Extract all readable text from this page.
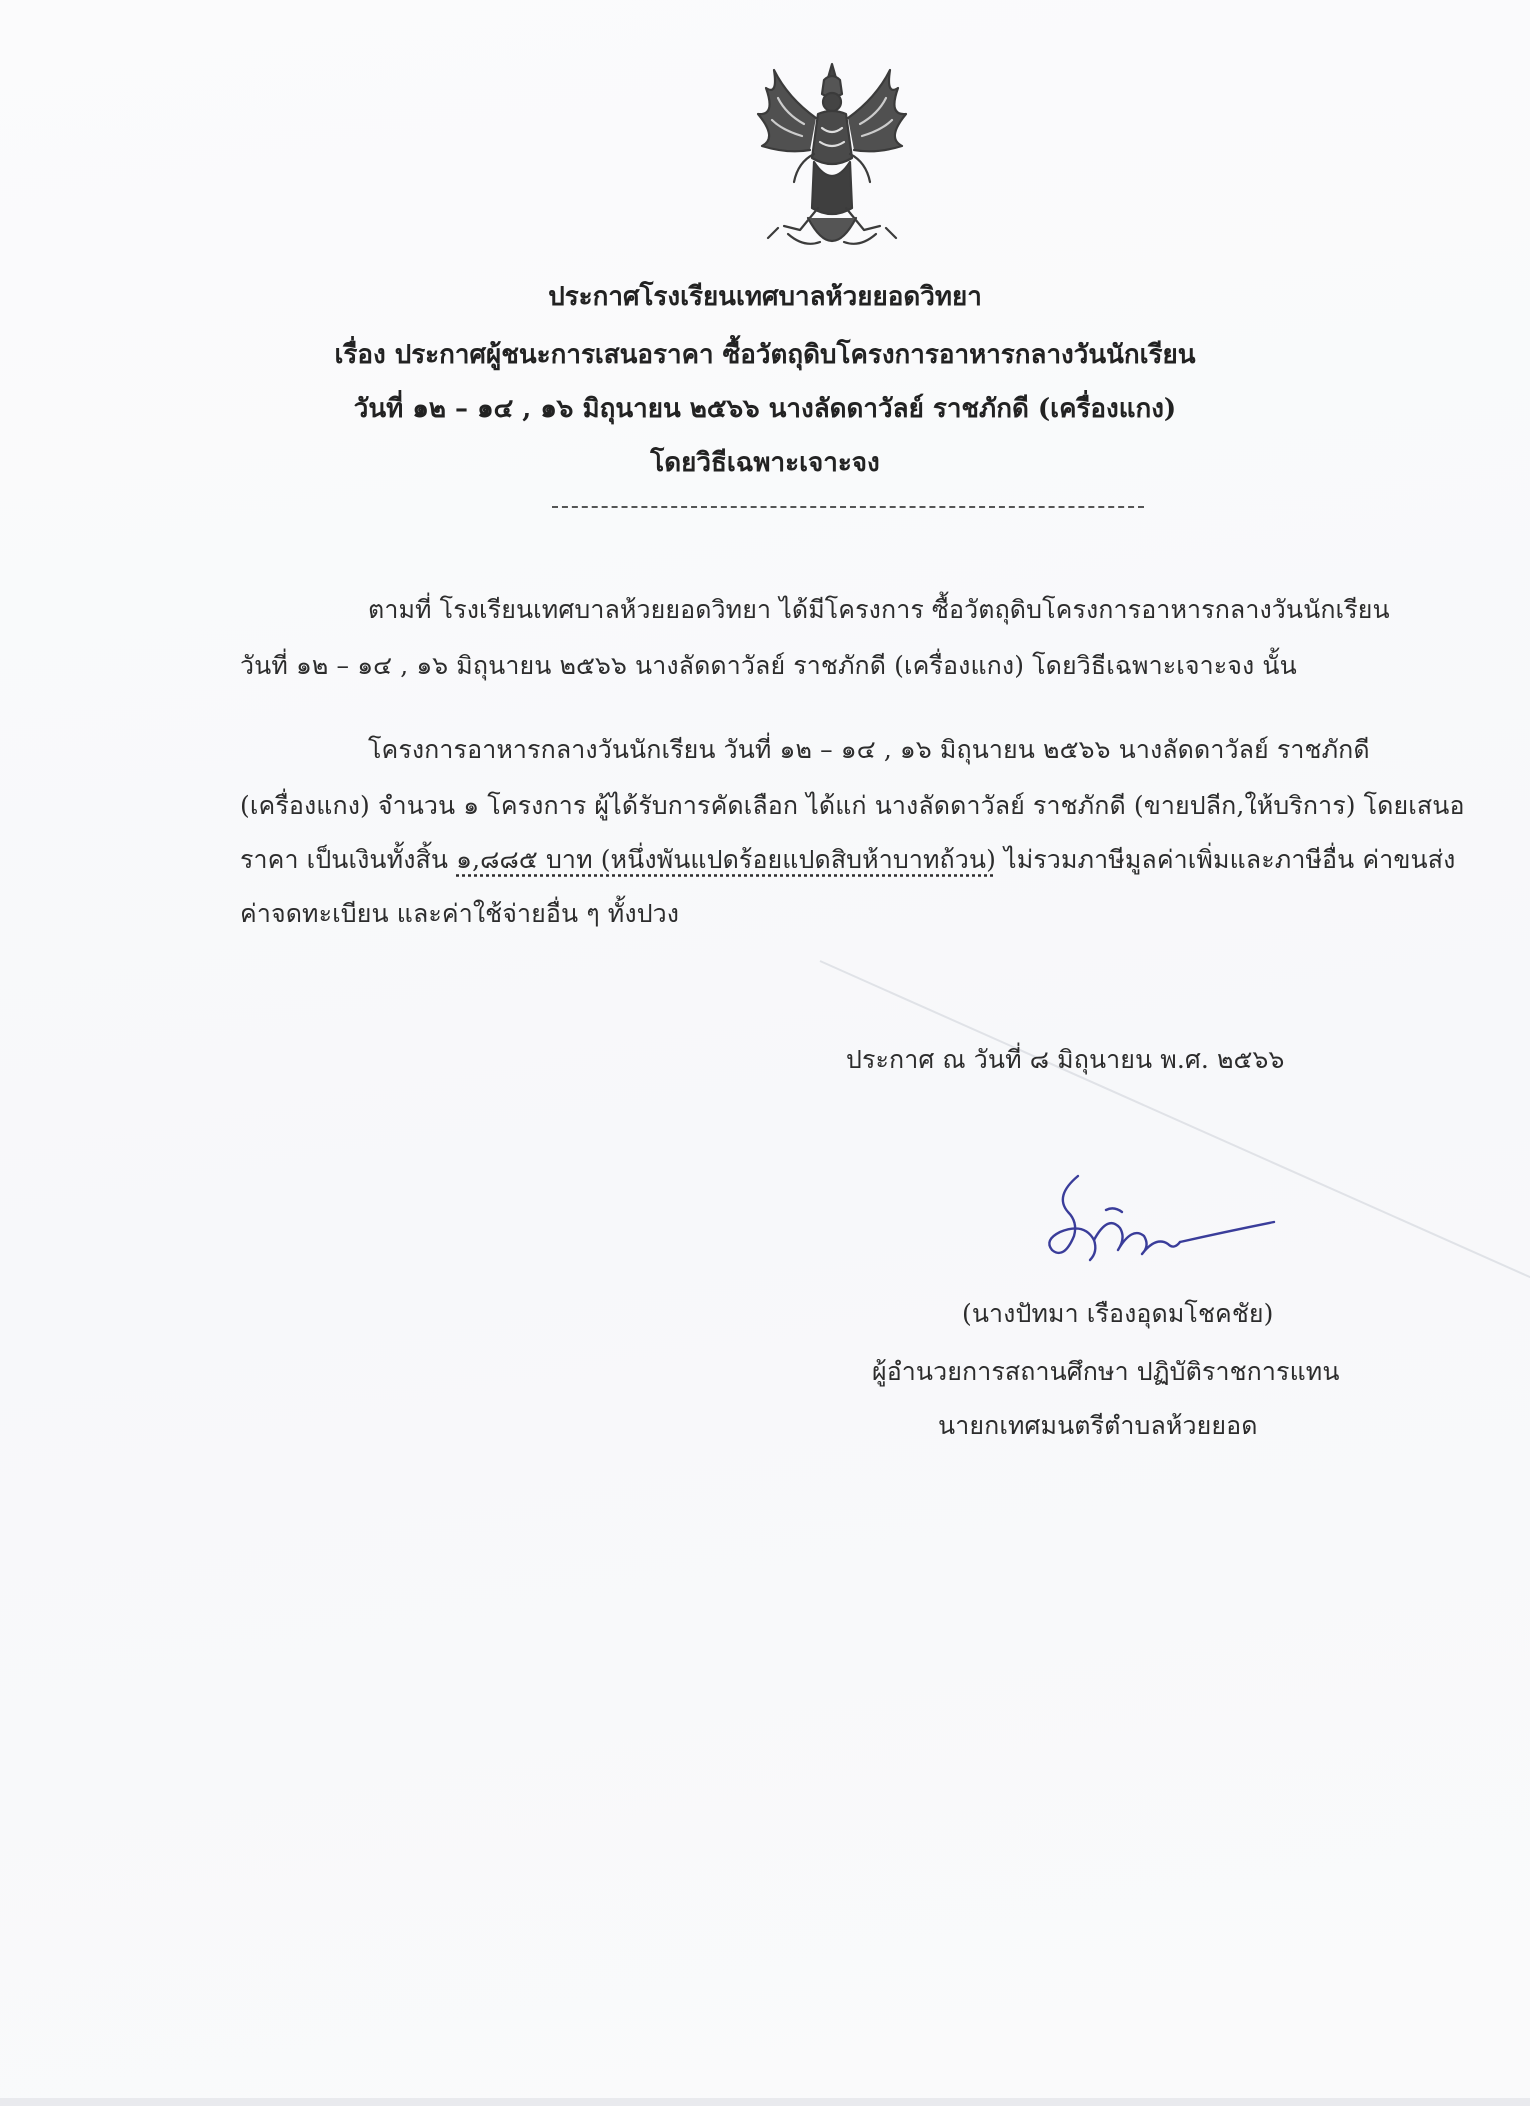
ประกาศโรงเรียนเทศบาลห้วยยอดวิทยา
เรื่อง ประกาศผู้ชนะการเสนอราคา ซื้อวัตถุดิบโครงการอาหารกลางวันนักเรียน
วันที่ ๑๒ – ๑๔ , ๑๖ มิถุนายน ๒๕๖๖ นางลัดดาวัลย์ ราชภักดี (เครื่องแกง)
โดยวิธีเฉพาะเจาะจง
ตามที่ โรงเรียนเทศบาลห้วยยอดวิทยา ได้มีโครงการ ซื้อวัตถุดิบโครงการอาหารกลางวันนักเรียน
วันที่ ๑๒ – ๑๔ , ๑๖ มิถุนายน ๒๕๖๖ นางลัดดาวัลย์ ราชภักดี (เครื่องแกง) โดยวิธีเฉพาะเจาะจง นั้น
โครงการอาหารกลางวันนักเรียน วันที่ ๑๒ – ๑๔ , ๑๖ มิถุนายน ๒๕๖๖ นางลัดดาวัลย์ ราชภักดี
(เครื่องแกง) จำนวน ๑ โครงการ ผู้ได้รับการคัดเลือก ได้แก่ นางลัดดาวัลย์ ราชภักดี (ขายปลีก,ให้บริการ) โดยเสนอ
ราคา เป็นเงินทั้งสิ้น ๑,๘๘๕ บาท (หนึ่งพันแปดร้อยแปดสิบห้าบาทถ้วน) ไม่รวมภาษีมูลค่าเพิ่มและภาษีอื่น ค่าขนส่ง
ค่าจดทะเบียน และค่าใช้จ่ายอื่น ๆ ทั้งปวง
ประกาศ ณ วันที่ ๘ มิถุนายน พ.ศ. ๒๕๖๖
(นางปัทมา เรืองอุดมโชคชัย)
ผู้อำนวยการสถานศึกษา ปฏิบัติราชการแทน
นายกเทศมนตรีตำบลห้วยยอด
